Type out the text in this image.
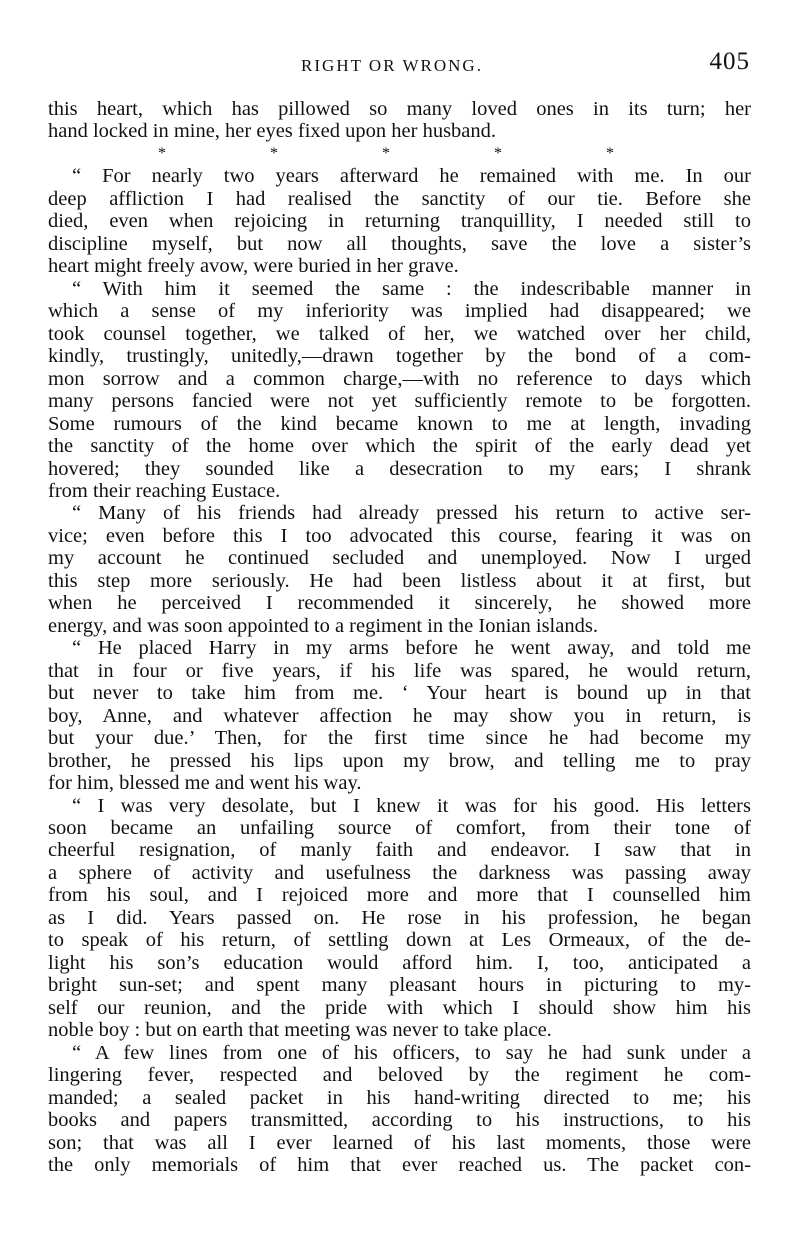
RIGHT OR WRONG.	405
this heart, which has pillowed so many loved ones in its turn; her
hand locked in mine, her eyes fixed upon her husband.
*	*	*	*	*
“ For nearly two years afterward he remained with me. In our
deep affliction I had realised the sanctity of our tie. Before she
died, even when rejoicing in returning tranquillity, I needed still to
discipline myself, but now all thoughts, save the love a sister’s
heart might freely avow, were buried in her grave.
“ With him it seemed the same : the indescribable manner in
which a sense of my inferiority was implied had disappeared; we
took counsel together, we talked of her, we watched over her child,
kindly, trustingly, unitedly,—drawn together by the bond of a com-
mon sorrow and a common charge,—with no reference to days which
many persons fancied were not yet sufficiently remote to be forgotten.
Some rumours of the kind became known to me at length, invading
the sanctity of the home over which the spirit of the early dead yet
hovered; they sounded like a desecration to my ears; I shrank
from their reaching Eustace.
“ Many of his friends had already pressed his return to active ser-
vice; even before this I too advocated this course, fearing it was on
my account he continued secluded and unemployed. Now I urged
this step more seriously. He had been listless about it at first, but
when he perceived I recommended it sincerely, he showed more
energy, and was soon appointed to a regiment in the Ionian islands.
“ He placed Harry in my arms before he went away, and told me
that in four or five years, if his life was spared, he would return,
but never to take him from me. ‘ Your heart is bound up in that
boy, Anne, and whatever affection he may show you in return, is
but your due.’ Then, for the first time since he had become my
brother, he pressed his lips upon my brow, and telling me to pray
for him, blessed me and went his way.
“ I was very desolate, but I knew it was for his good. His letters
soon became an unfailing source of comfort, from their tone of
cheerful resignation, of manly faith and endeavor. I saw that in
a sphere of activity and usefulness the darkness was passing away
from his soul, and I rejoiced more and more that I counselled him
as I did. Years passed on. He rose in his profession, he began
to speak of his return, of settling down at Les Ormeaux, of the de-
light his son’s education would afford him. I, too, anticipated a
bright sun-set; and spent many pleasant hours in picturing to my-
self our reunion, and the pride with which I should show him his
noble boy : but on earth that meeting was never to take place.
“ A few lines from one of his officers, to say he had sunk under a
lingering fever, respected and beloved by the regiment he com-
manded; a sealed packet in his hand-writing directed to me; his
books and papers transmitted, according to his instructions, to his
son; that was all I ever learned of his last moments, those were
the only memorials of him that ever reached us. The packet con-
